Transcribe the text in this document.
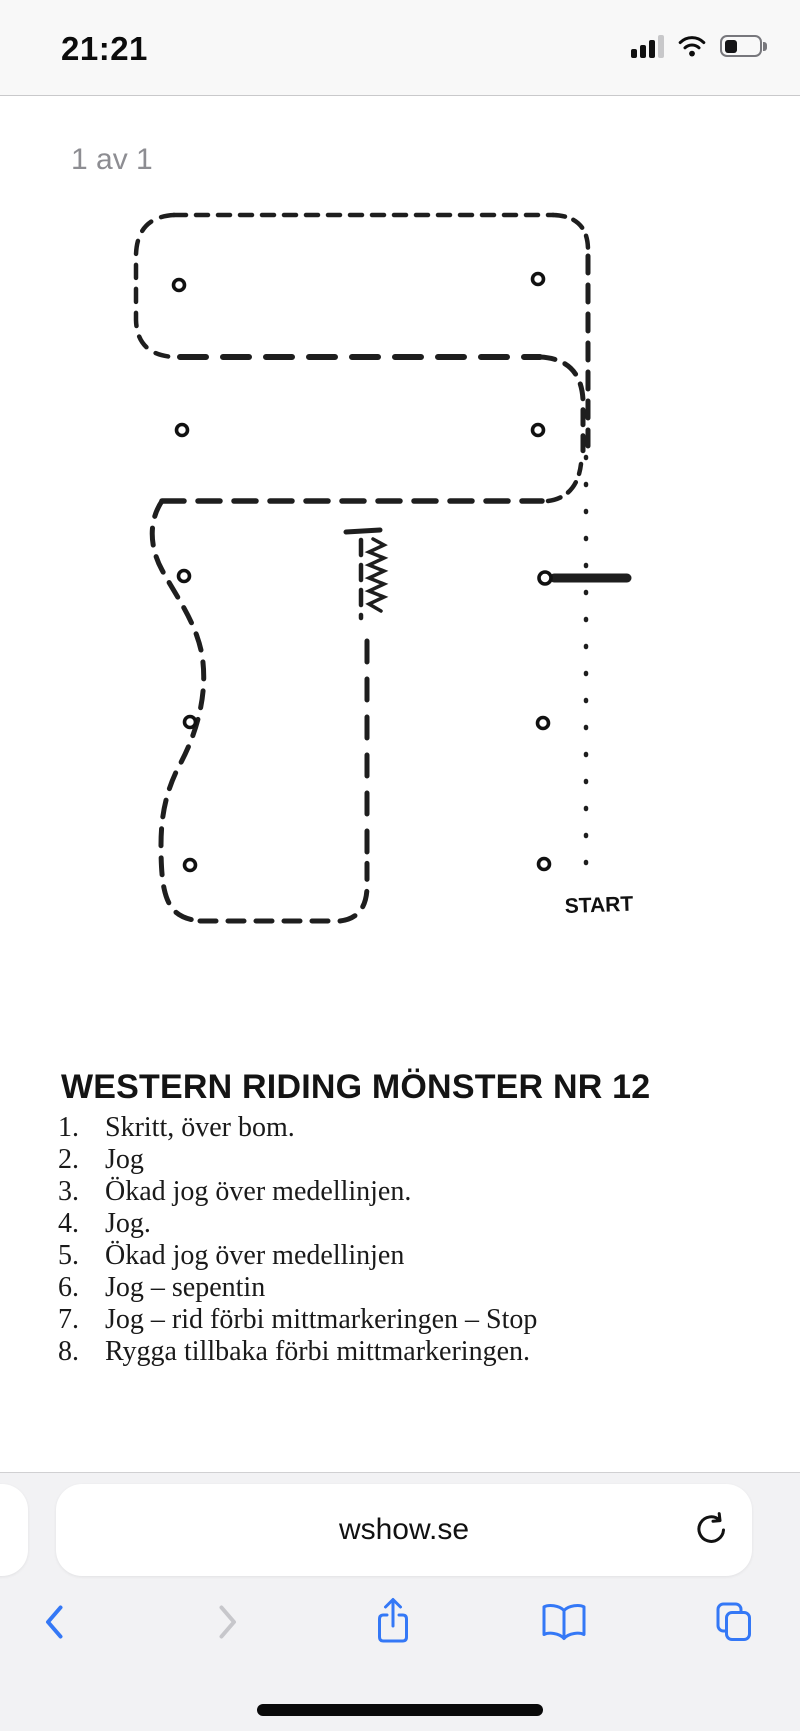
21:21
1 av 1
START
WESTERN RIDING MÖNSTER NR 12
1. Skritt, över bom.
2. Jog
3. Ökad jog över medellinjen.
4. Jog.
5. Ökad jog över medellinjen
6. Jog – sepentin
7. Jog – rid förbi mittmarkeringen – Stop
8. Rygga tillbaka förbi mittmarkeringen.
wshow.se
